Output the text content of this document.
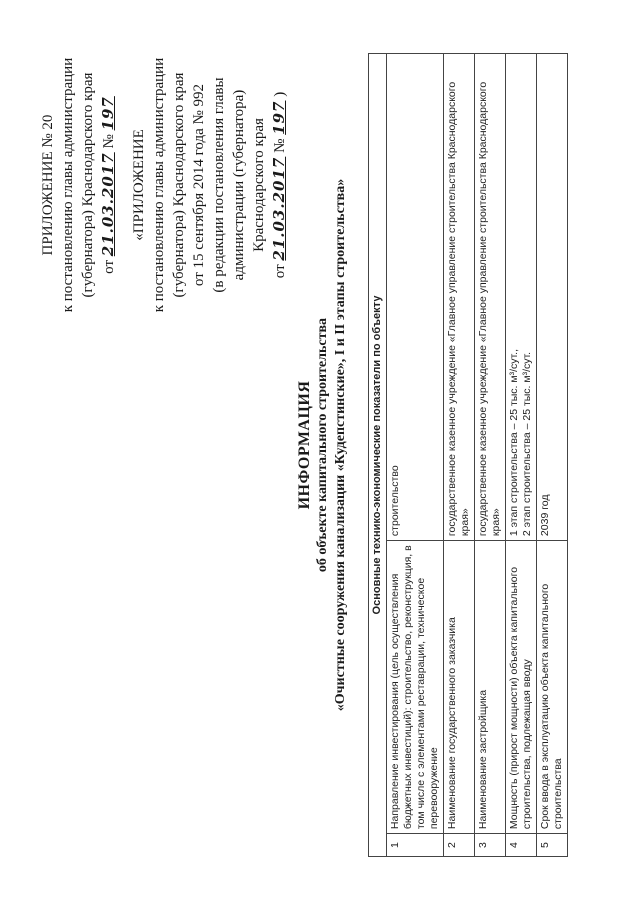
ПРИЛОЖЕНИЕ № 20 к постановлению главы администрации (губернатора) Краснодарского края от 21.03.2017 № 197
«ПРИЛОЖЕНИЕ к постановлению главы администрации (губернатора) Краснодарского края от 15 сентября 2014 года № 992 (в редакции постановления главы администрации (губернатора) Краснодарского края
от 21.03.2017 № 197 )
ИНФОРМАЦИЯ об объекте капитального строительства «Очистные сооружения канализации «Кудепстинские», I и II этапы строительства» Основные технико-экономические показатели по объекту		
1	Направление инвестирования (цель осуществления бюджетных инвестиций): строительство, реконструкция, в том числе с элементами реставрации, техническое перевооружение	строительство
2	Наименование государственного заказчика	государственное казенное учреждение «Главное управление строительства Краснодарского края»
3	Наименование застройщика	государственное казенное учреждение «Главное управление строительства Краснодарского края»
4	Мощность (прирост мощности) объекта капитального строительства, подлежащая вводу	1 этап строительства – 25 тыс. м³/сут., 2 этап строительства – 25 тыс. м³/сут.

5	Срок ввода в эксплуатацию объекта капитального строительства	2039 год
